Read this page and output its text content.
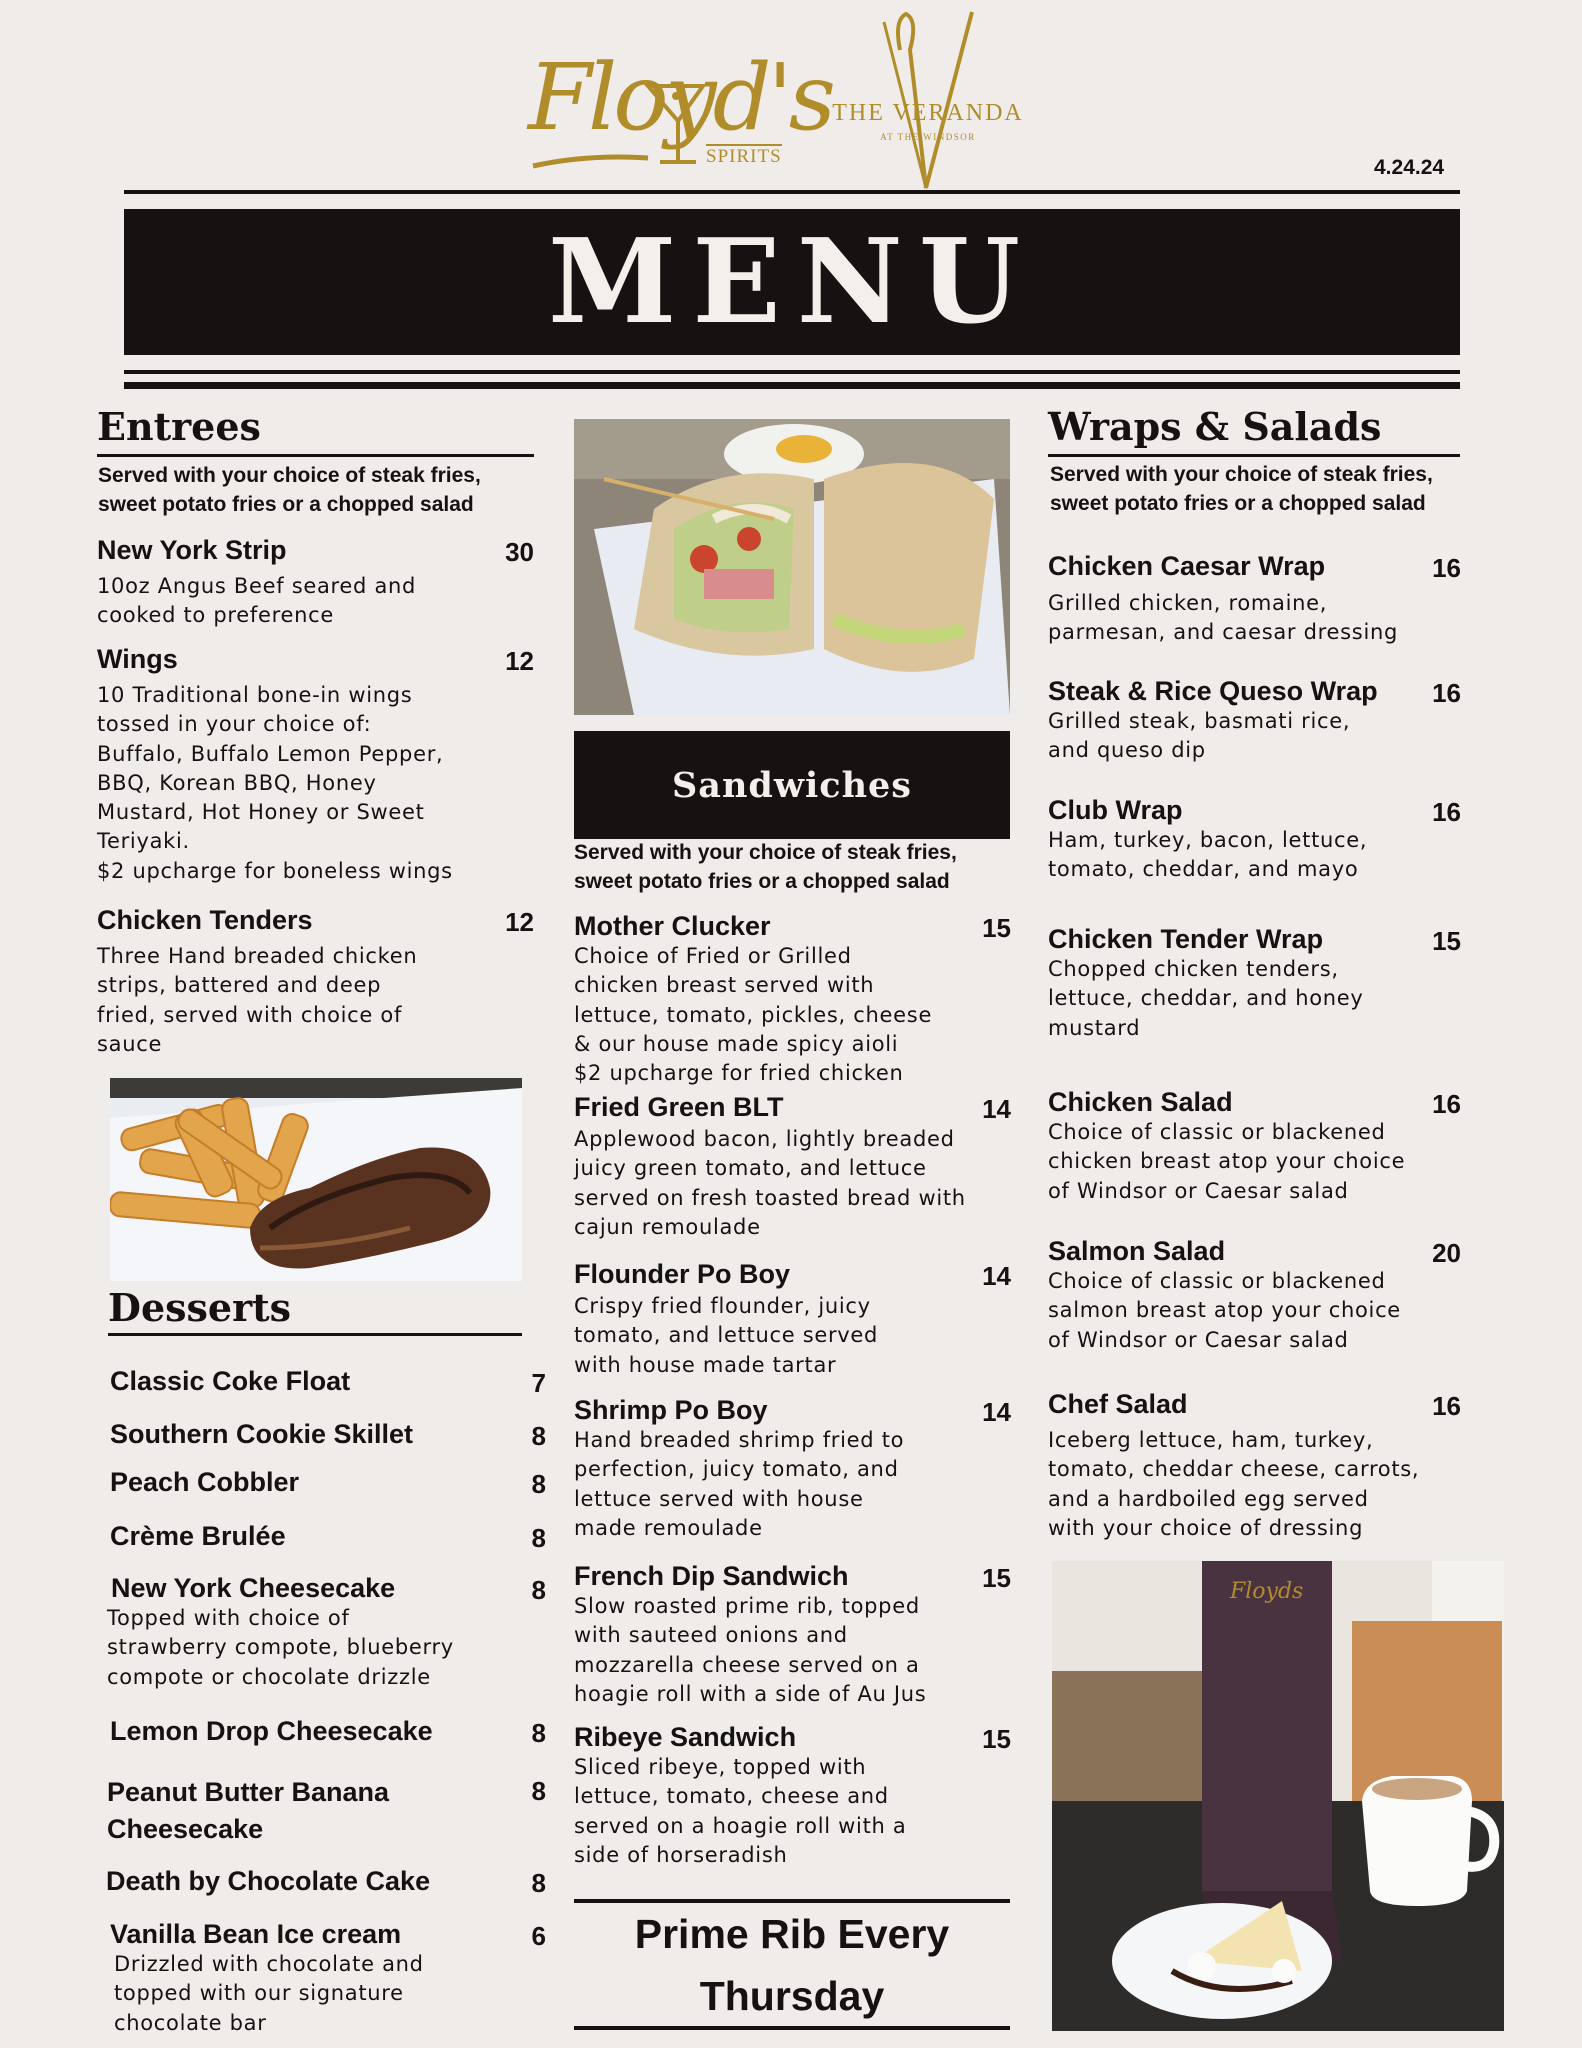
Floyd's
SPIRITS
THE VERANDA
AT THE WINDSOR
4.24.24
MENU
Entrees
Served with your choice of steak fries,
sweet potato fries or a chopped salad
New York Strip
10oz Angus Beef seared and
cooked to preference
30
Wings
10 Traditional bone-in wings
tossed in your choice of:
Buffalo, Buffalo Lemon Pepper,
BBQ, Korean BBQ, Honey
Mustard, Hot Honey or Sweet
Teriyaki.
$2 upcharge for boneless wings
12
Chicken Tenders
Three Hand breaded chicken
strips, battered and deep
fried, served with choice of
sauce
12
Desserts
Classic Coke Float	7
Southern Cookie Skillet	8
Peach Cobbler	8
Crème Brulée	8
New York Cheesecake
Topped with choice of
strawberry compote, blueberry
compote or chocolate drizzle
8
Lemon Drop Cheesecake	8
Peanut Butter Banana
Cheesecake
8
Death by Chocolate Cake	8
Vanilla Bean Ice cream
Drizzled with chocolate and
topped with our signature
chocolate bar
6
Sandwiches
Served with your choice of steak fries,
sweet potato fries or a chopped salad
Mother Clucker
Choice of Fried or Grilled
chicken breast served with
lettuce, tomato, pickles, cheese
& our house made spicy aioli
$2 upcharge for fried chicken
15
Fried Green BLT
Applewood bacon, lightly breaded
juicy green tomato, and lettuce
served on fresh toasted bread with
cajun remoulade
14
Flounder Po Boy
Crispy fried flounder, juicy
tomato, and lettuce served
with house made tartar
14
Shrimp Po Boy
Hand breaded shrimp fried to
perfection, juicy tomato, and
lettuce served with house
made remoulade
14
French Dip Sandwich
Slow roasted prime rib, topped
with sauteed onions and
mozzarella cheese served on a
hoagie roll with a side of Au Jus
15
Ribeye Sandwich
Sliced ribeye, topped with
lettuce, tomato, cheese and
served on a hoagie roll with a
side of horseradish
15
Prime Rib Every
Thursday
Wraps & Salads
Served with your choice of steak fries,
sweet potato fries or a chopped salad
Chicken Caesar Wrap
Grilled chicken, romaine,
parmesan, and caesar dressing
16
Steak & Rice Queso Wrap
Grilled steak, basmati rice,
and queso dip
16
Club Wrap
Ham, turkey, bacon, lettuce,
tomato, cheddar, and mayo
16
Chicken Tender Wrap
Chopped chicken tenders,
lettuce, cheddar, and honey
mustard
15
Chicken Salad
Choice of classic or blackened
chicken breast atop your choice
of Windsor or Caesar salad
16
Salmon Salad
Choice of classic or blackened
salmon breast atop your choice
of Windsor or Caesar salad
20
Chef Salad
Iceberg lettuce, ham, turkey,
tomato, cheddar cheese, carrots,
and a hardboiled egg served
with your choice of dressing
16
Floyds
